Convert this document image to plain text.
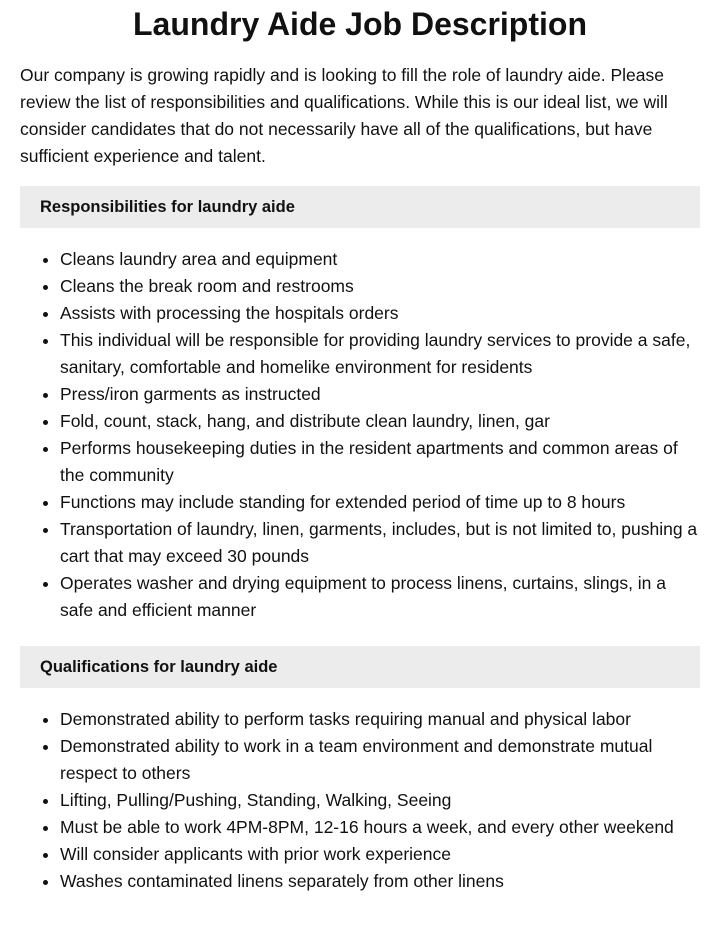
Laundry Aide Job Description

Our company is growing rapidly and is looking to fill the role of laundry aide. Please review the list of responsibilities and qualifications. While this is our ideal list, we will consider candidates that do not necessarily have all of the qualifications, but have sufficient experience and talent.

Responsibilities for laundry aide
• Cleans laundry area and equipment
• Cleans the break room and restrooms
• Assists with processing the hospitals orders
• This individual will be responsible for providing laundry services to provide a safe, sanitary, comfortable and homelike environment for residents
• Press/iron garments as instructed
• Fold, count, stack, hang, and distribute clean laundry, linen, gar
• Performs housekeeping duties in the resident apartments and common areas of the community
• Functions may include standing for extended period of time up to 8 hours
• Transportation of laundry, linen, garments, includes, but is not limited to, pushing a cart that may exceed 30 pounds
• Operates washer and drying equipment to process linens, curtains, slings, in a safe and efficient manner
Qualifications for laundry aide
• Demonstrated ability to perform tasks requiring manual and physical labor
• Demonstrated ability to work in a team environment and demonstrate mutual respect to others
• Lifting, Pulling/Pushing, Standing, Walking, Seeing
• Must be able to work 4PM-8PM, 12-16 hours a week, and every other weekend
• Will consider applicants with prior work experience
• Washes contaminated linens separately from other linens
